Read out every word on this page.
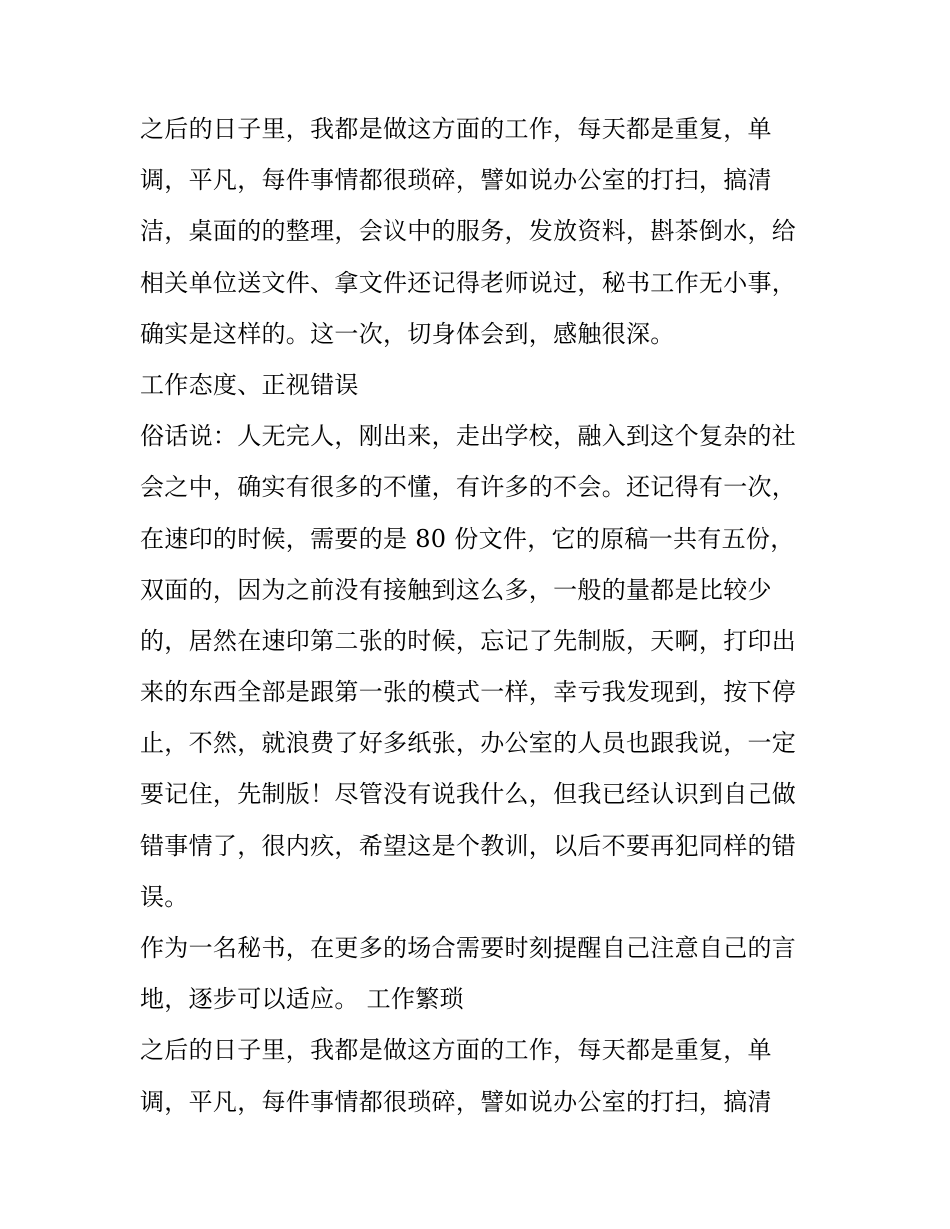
之后的日子里，我都是做这方面的工作，每天都是重复，单
调，平凡，每件事情都很琐碎，譬如说办公室的打扫，搞清
洁，桌面的的整理，会议中的服务，发放资料，斟茶倒水，给
相关单位送文件、拿文件还记得老师说过，秘书工作无小事，
确实是这样的。这一次，切身体会到，感触很深。
工作态度、正视错误
俗话说：人无完人，刚出来，走出学校，融入到这个复杂的社
会之中，确实有很多的不懂，有许多的不会。还记得有一次，
在速印的时候，需要的是 80 份文件，它的原稿一共有五份，
双面的，因为之前没有接触到这么多，一般的量都是比较少
的，居然在速印第二张的时候，忘记了先制版，天啊，打印出
来的东西全部是跟第一张的模式一样，幸亏我发现到，按下停
止，不然，就浪费了好多纸张，办公室的人员也跟我说，一定
要记住，先制版！尽管没有说我什么，但我已经认识到自己做
错事情了，很内疚，希望这是个教训，以后不要再犯同样的错
误。
作为一名秘书，在更多的场合需要时刻提醒自己注意自己的言
地，逐步可以适应。 工作繁琐
之后的日子里，我都是做这方面的工作，每天都是重复，单
调，平凡，每件事情都很琐碎，譬如说办公室的打扫，搞清
